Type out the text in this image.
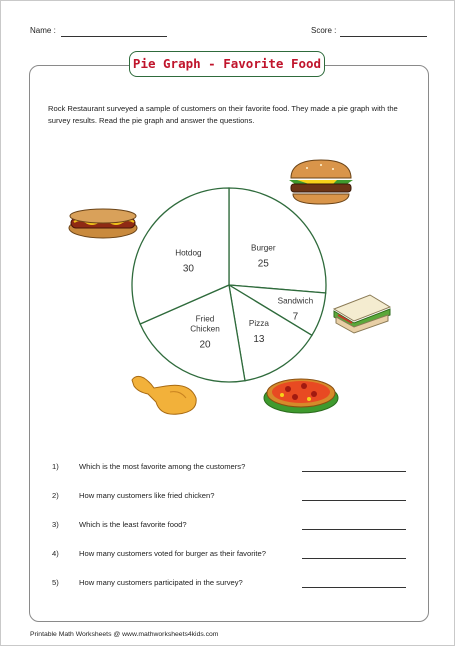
Name :	Score :
Pie Graph - Favorite Food
Rock Restaurant surveyed a sample of customers on their favorite food. They made a pie graph with the survey results. Read the pie graph and answer the questions.
Burger
25
Sandwich
7
Pizza
13
Fried
Chicken
20
Hotdog
30
1)	Which is the most favorite among the customers?
2)	How many customers like fried chicken?
3)	Which is the least favorite food?
4)	How many customers voted for burger as their favorite?
5)	How many customers participated in the survey?
Printable Math Worksheets @ www.mathworksheets4kids.com
